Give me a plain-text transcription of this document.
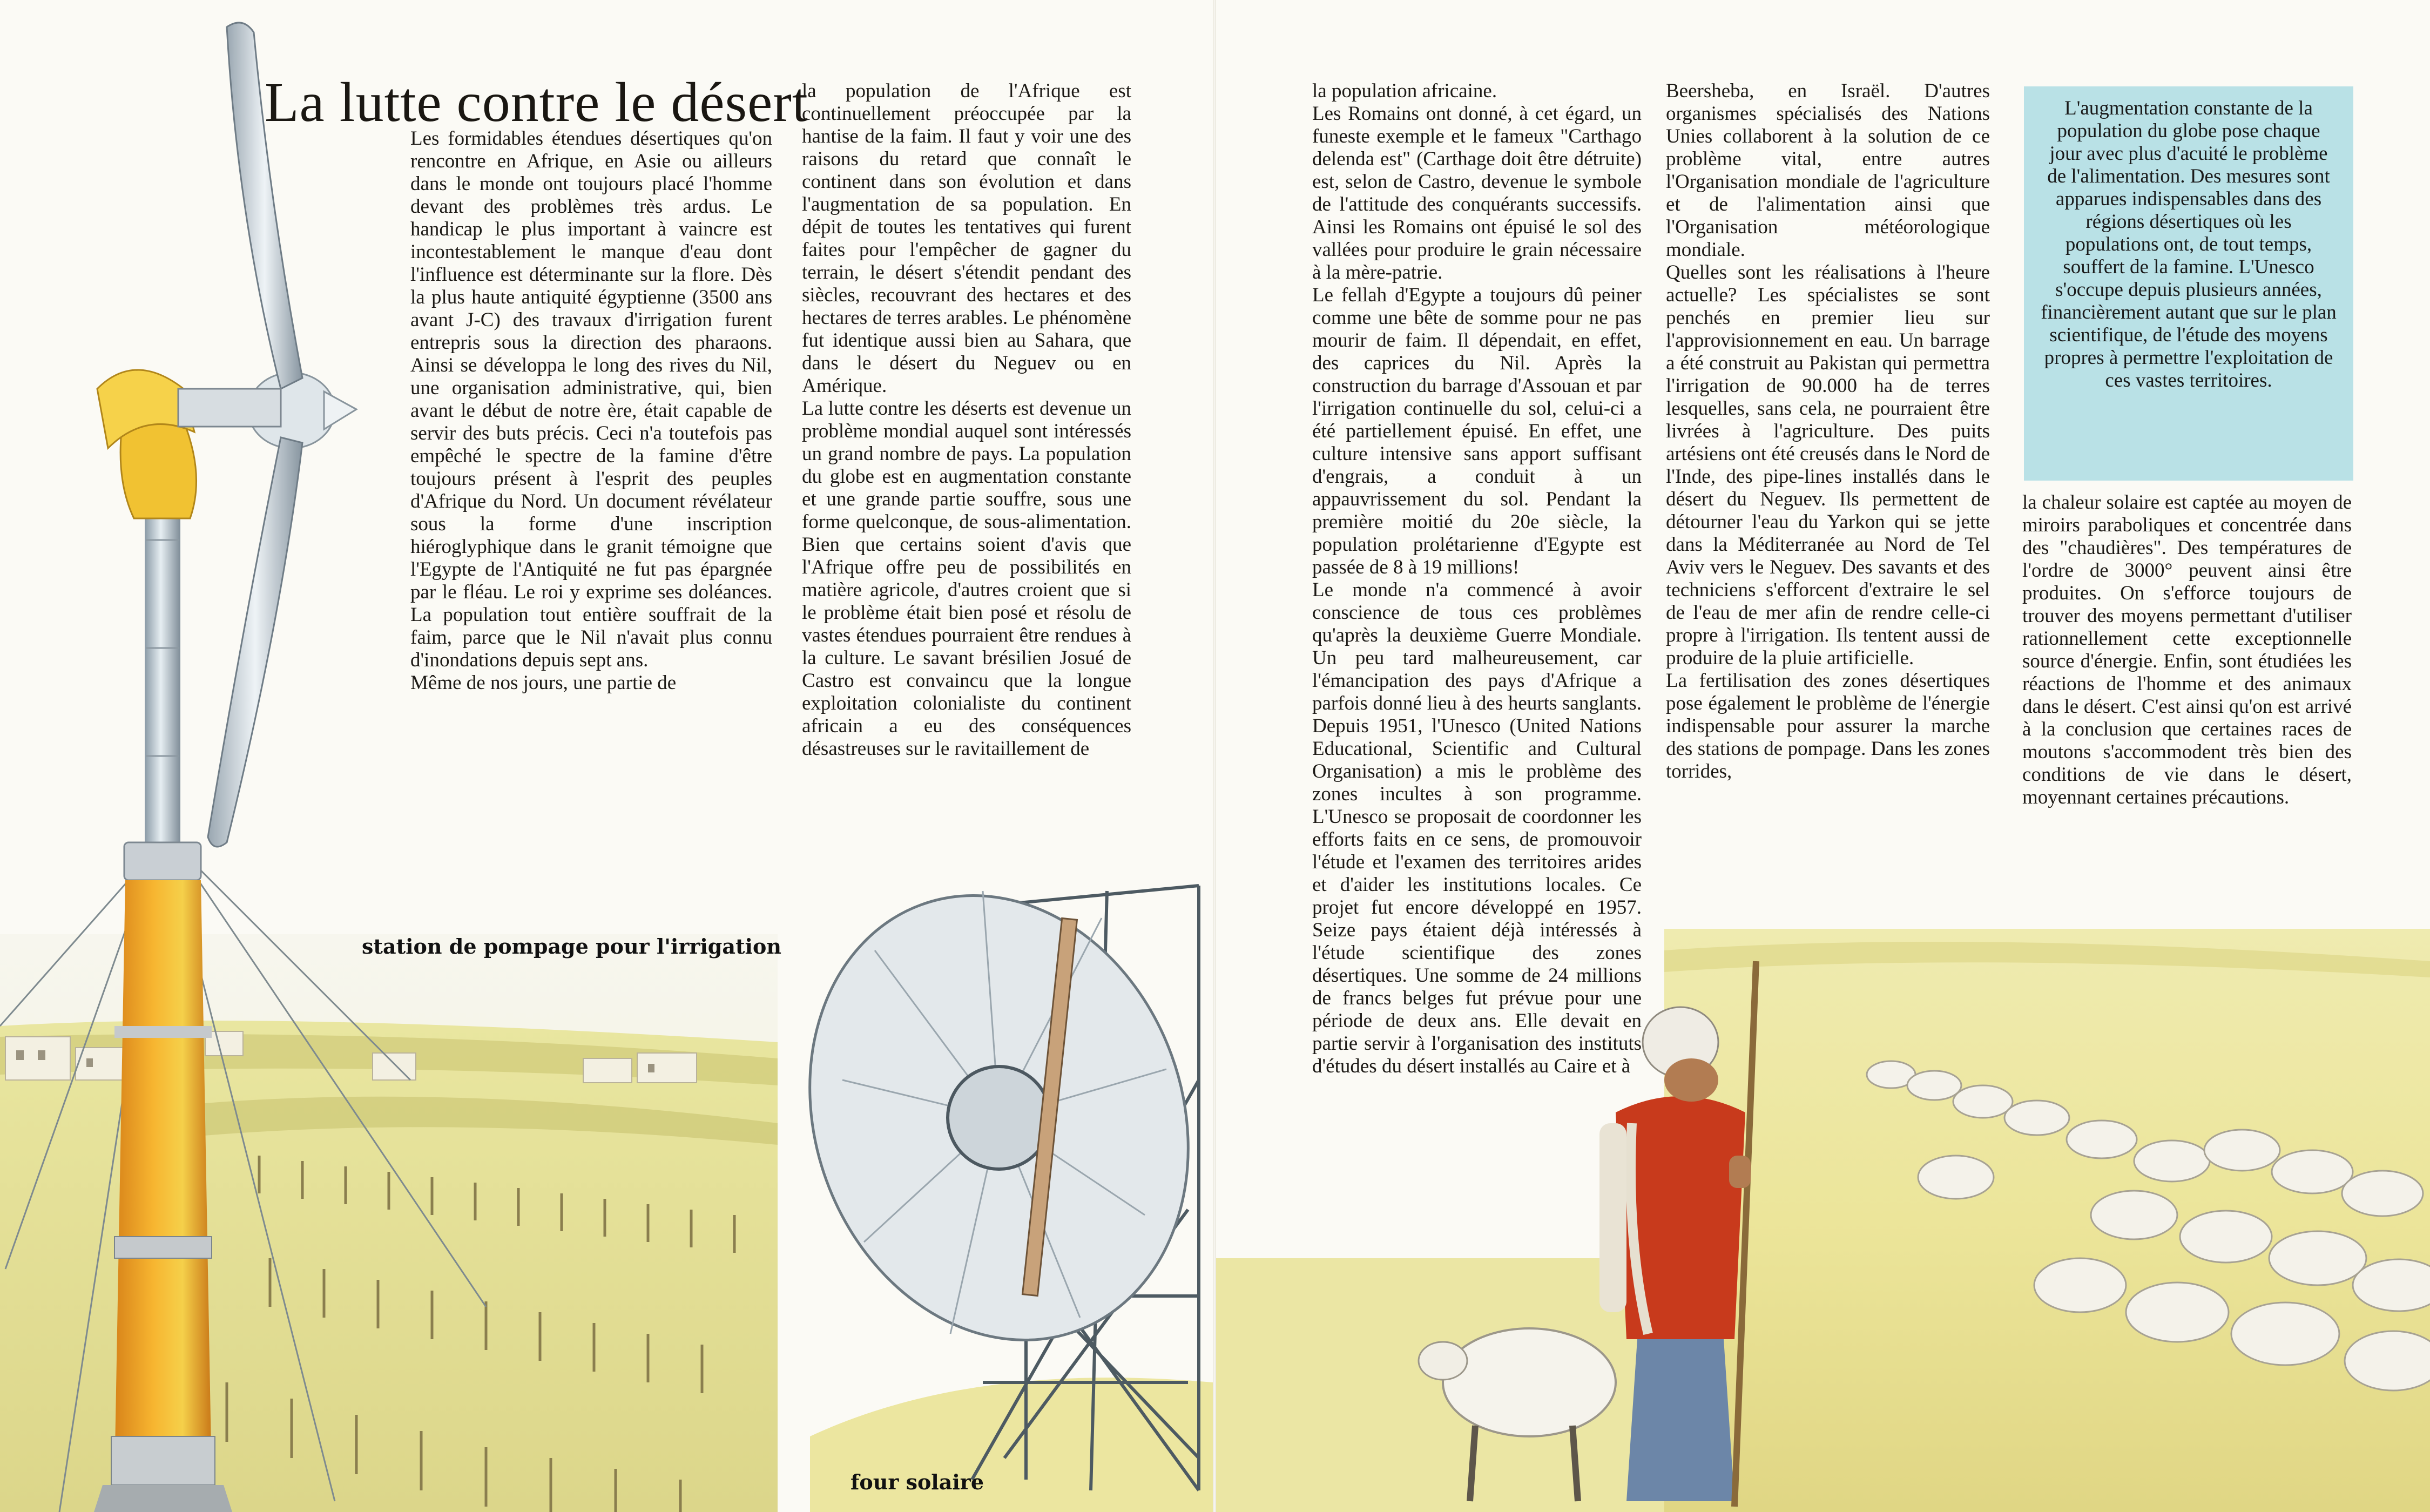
La lutte contre le désert

Les formidables étendues désertiques qu'on rencontre en Afrique, en Asie ou ailleurs dans le monde ont toujours placé l'homme devant des problèmes très ardus. Le handicap le plus important à vaincre est incontestablement le manque d'eau dont l'influence est déterminante sur la flore. Dès la plus haute antiquité égyptienne (3500 ans avant J-C) des travaux d'irrigation furent entrepris sous la direction des pharaons. Ainsi se développa le long des rives du Nil, une organisation administrative, qui, bien avant le début de notre ère, était capable de servir des buts précis. Ceci n'a toutefois pas empêché le spectre de la famine d'être toujours présent à l'esprit des peuples d'Afrique du Nord. Un document révélateur sous la forme d'une inscription hiéroglyphique dans le granit témoigne que l'Egypte de l'Antiquité ne fut pas épargnée par le fléau. Le roi y exprime ses doléances. La population tout entière souffrait de la faim, parce que le Nil n'avait plus connu d'inondations depuis sept ans.

Même de nos jours, une partie de

la population de l'Afrique est continuellement préoccupée par la hantise de la faim. Il faut y voir une des raisons du retard que connaît le continent dans son évolution et dans l'augmentation de sa population. En dépit de toutes les tentatives qui furent faites pour l'empêcher de gagner du terrain, le désert s'étendit pendant des siècles, recouvrant des hectares et des hectares de terres arables. Le phénomène fut identique aussi bien au Sahara, que dans le désert du Neguev ou en Amérique.

La lutte contre les déserts est devenue un problème mondial auquel sont intéressés un grand nombre de pays. La population du globe est en augmentation constante et une grande partie souffre, sous une forme quelconque, de sous-alimentation. Bien que certains soient d'avis que l'Afrique offre peu de possibilités en matière agricole, d'autres croient que si le problème était bien posé et résolu de vastes étendues pourraient être rendues à la culture. Le savant brésilien Josué de Castro est convaincu que la longue exploitation colonialiste du continent africain a eu des conséquences désastreuses sur le ravitaillement de

la population africaine.

Les Romains ont donné, à cet égard, un funeste exemple et le fameux "Carthago delenda est" (Carthage doit être détruite) est, selon de Castro, devenue le symbole de l'attitude des conquérants successifs. Ainsi les Romains ont épuisé le sol des vallées pour produire le grain nécessaire à la mère-patrie.

Le fellah d'Egypte a toujours dû peiner comme une bête de somme pour ne pas mourir de faim. Il dépendait, en effet, des caprices du Nil. Après la construction du barrage d'Assouan et par l'irrigation continuelle du sol, celui-ci a été partiellement épuisé. En effet, une culture intensive sans apport suffisant d'engrais, a conduit à un appauvrissement du sol. Pendant la première moitié du 20e siècle, la population prolétarienne d'Egypte est passée de 8 à 19 millions!

Le monde n'a commencé à avoir conscience de tous ces problèmes qu'après la deuxième Guerre Mondiale. Un peu tard malheureusement, car l'émancipation des pays d'Afrique a parfois donné lieu à des heurts sanglants. Depuis 1951, l'Unesco (United Nations Educational, Scientific and Cultural Organisation) a mis le problème des zones incultes à son programme. L'Unesco se proposait de coordonner les efforts faits en ce sens, de promouvoir l'étude et l'examen des territoires arides et d'aider les institutions locales. Ce projet fut encore développé en 1957. Seize pays étaient déjà intéressés à l'étude scientifique des zones désertiques. Une somme de 24 millions de francs belges fut prévue pour une période de deux ans. Elle devait en partie servir à l'organisation des instituts d'études du désert installés au Caire et à

Beersheba, en Israël. D'autres organismes spécialisés des Nations Unies collaborent à la solution de ce problème vital, entre autres l'Organisation mondiale de l'agriculture et de l'alimentation ainsi que l'Organisation météorologique mondiale.

Quelles sont les réalisations à l'heure actuelle? Les spécialistes se sont penchés en premier lieu sur l'approvisionnement en eau. Un barrage a été construit au Pakistan qui permettra l'irrigation de 90.000 ha de terres lesquelles, sans cela, ne pourraient être livrées à l'agriculture. Des puits artésiens ont été creusés dans le Nord de l'Inde, des pipe-lines installés dans le désert du Neguev. Ils permettent de détourner l'eau du Yarkon qui se jette dans la Méditerranée au Nord de Tel Aviv vers le Neguev. Des savants et des techniciens s'efforcent d'extraire le sel de l'eau de mer afin de rendre celle-ci propre à l'irrigation. Ils tentent aussi de produire de la pluie artificielle.

La fertilisation des zones désertiques pose également le problème de l'énergie indispensable pour assurer la marche des stations de pompage. Dans les zones torrides,

L'augmentation constante de la population du globe pose chaque jour avec plus d'acuité le problème de l'alimentation. Des mesures sont apparues indispensables dans des régions désertiques où les populations ont, de tout temps, souffert de la famine. L'Unesco s'occupe depuis plusieurs années, financièrement autant que sur le plan scientifique, de l'étude des moyens propres à permettre l'exploitation de ces vastes territoires.

la chaleur solaire est captée au moyen de miroirs paraboliques et concentrée dans des "chaudières". Des températures de l'ordre de 3000° peuvent ainsi être produites. On s'efforce toujours de trouver des moyens permettant d'utiliser rationnellement cette exceptionnelle source d'énergie. Enfin, sont étudiées les réactions de l'homme et des animaux dans le désert. C'est ainsi qu'on est arrivé à la conclusion que certaines races de moutons s'accommodent très bien des conditions de vie dans le désert, moyennant certaines précautions.

station de pompage pour l'irrigation
four solaire
